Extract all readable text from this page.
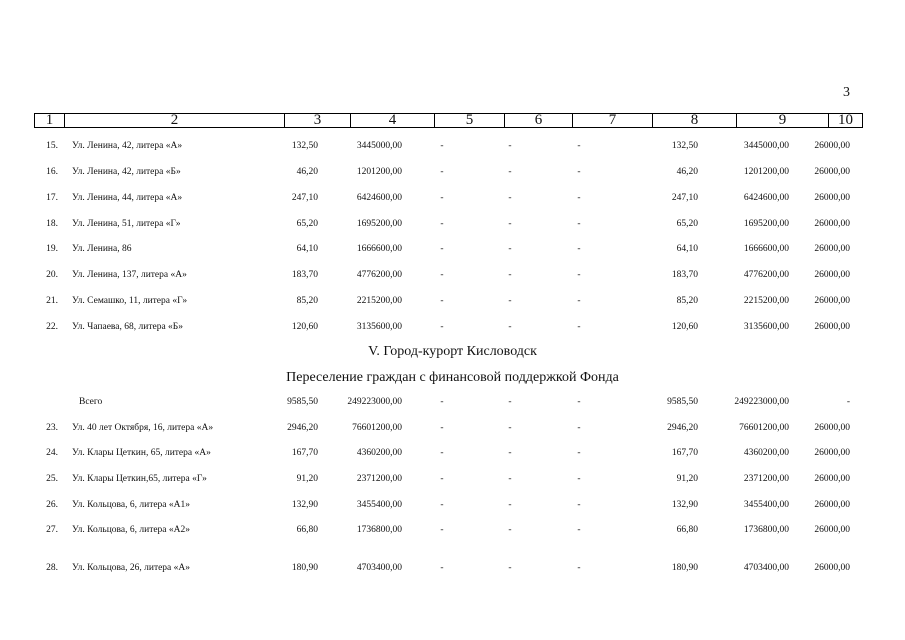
3
1	2	3	4	5	6	7	8	9	10
15. Ул. Ленина, 42, литера «А»	132,50	3445000,00	-	-	-	132,50	3445000,00	26000,00
16. Ул. Ленина, 42, литера «Б»	46,20	1201200,00	-	-	-	46,20	1201200,00	26000,00
17. Ул. Ленина, 44, литера «А»	247,10	6424600,00	-	-	-	247,10	6424600,00	26000,00
18. Ул. Ленина, 51, литера «Г»	65,20	1695200,00	-	-	-	65,20	1695200,00	26000,00
19. Ул. Ленина, 86	64,10	1666600,00	-	-	-	64,10	1666600,00	26000,00
20. Ул. Ленина, 137, литера «А»	183,70	4776200,00	-	-	-	183,70	4776200,00	26000,00
21. Ул. Семашко, 11, литера «Г»	85,20	2215200,00	-	-	-	85,20	2215200,00	26000,00
22. Ул. Чапаева, 68, литера «Б»	120,60	3135600,00	-	-	-	120,60	3135600,00	26000,00
V. Город-курорт Кисловодск
Переселение граждан с финансовой поддержкой Фонда
Всего	9585,50	249223000,00	-	-	-	9585,50	249223000,00	-
23. Ул. 40 лет Октября, 16, литера «А»	2946,20	76601200,00	-	-	-	2946,20	76601200,00	26000,00
24. Ул. Клары Цеткин, 65, литера «А»	167,70	4360200,00	-	-	-	167,70	4360200,00	26000,00
25. Ул. Клары Цеткин,65, литера «Г»	91,20	2371200,00	-	-	-	91,20	2371200,00	26000,00
26. Ул. Кольцова, 6, литера «А1»	132,90	3455400,00	-	-	-	132,90	3455400,00	26000,00
27. Ул. Кольцова, 6, литера «А2»	66,80	1736800,00	-	-	-	66,80	1736800,00	26000,00
28. Ул. Кольцова, 26, литера «А»	180,90	4703400,00	-	-	-	180,90	4703400,00	26000,00
